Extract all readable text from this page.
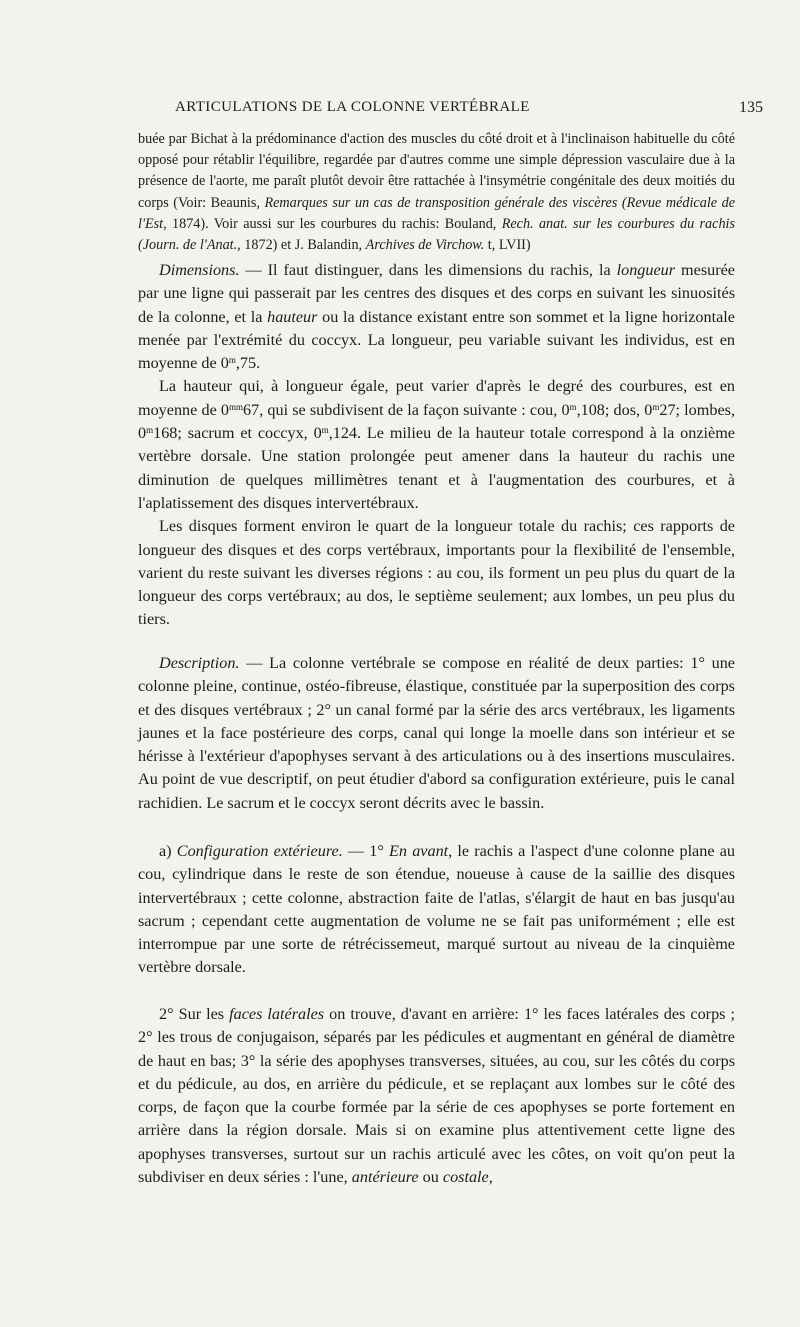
ARTICULATIONS DE LA COLONNE VERTÉBRALE	135

buée par Bichat à la prédominance d'action des muscles du côté droit et à l'inclinaison habituelle du côté opposé pour rétablir l'équilibre, regardée par d'autres comme une simple dépression vasculaire due à la présence de l'aorte, me paraît plutôt devoir être rattachée à l'insymétrie congénitale des deux moitiés du corps (Voir: Beaunis, Remarques sur un cas de transposition générale des viscères (Revue médicale de l'Est, 1874). Voir aussi sur les courbures du rachis: Bouland, Rech. anat. sur les courbures du rachis (Journ. de l'Anat., 1872) et J. Balandin, Archives de Virchow. t, LVII)

Dimensions. — Il faut distinguer, dans les dimensions du rachis, la longueur mesurée par une ligne qui passerait par les centres des disques et des corps en suivant les sinuosités de la colonne, et la hauteur ou la distance existant entre son sommet et la ligne horizontale menée par l'extrémité du coccyx. La longueur, peu variable suivant les individus, est en moyenne de 0$^m$,75.

La hauteur qui, à longueur égale, peut varier d'après le degré des courbures, est en moyenne de $0^{mm}67$, qui se subdivisent de la façon suivante : cou, 0$^m$,108; dos, 0$^m$27; lombes, 0$^m$168; sacrum et coccyx, 0$^m$,124. Le milieu de la hauteur totale correspond à la onzième vertèbre dorsale. Une station prolongée peut amener dans la hauteur du rachis une diminution de quelques millimètres tenant et à l'augmentation des courbures, et à l'aplatissement des disques intervertébraux.

Les disques forment environ le quart de la longueur totale du rachis; ces rapports de longueur des disques et des corps vertébraux, importants pour la flexibilité de l'ensemble, varient du reste suivant les diverses régions : au cou, ils forment un peu plus du quart de la longueur des corps vertébraux; au dos, le septième seulement; aux lombes, un peu plus du tiers.

Description. — La colonne vertébrale se compose en réalité de deux parties: 1° une colonne pleine, continue, ostéo-fibreuse, élastique, constituée par la superposition des corps et des disques vertébraux ; 2° un canal formé par la série des arcs vertébraux, les ligaments jaunes et la face postérieure des corps, canal qui longe la moelle dans son intérieur et se hérisse à l'extérieur d'apophyses servant à des articulations ou à des insertions musculaires. Au point de vue descriptif, on peut étudier d'abord sa configuration extérieure, puis le canal rachidien. Le sacrum et le coccyx seront décrits avec le bassin.

a) Configuration extérieure. — 1° En avant, le rachis a l'aspect d'une colonne plane au cou, cylindrique dans le reste de son étendue, noueuse à cause de la saillie des disques intervertébraux ; cette colonne, abstraction faite de l'atlas, s'élargit de haut en bas jusqu'au sacrum ; cependant cette augmentation de volume ne se fait pas uniformément ; elle est interrompue par une sorte de rétrécissemeut, marqué surtout au niveau de la cinquième vertèbre dorsale.

2° Sur les faces latérales on trouve, d'avant en arrière: 1° les faces latérales des corps ; 2° les trous de conjugaison, séparés par les pédicules et augmentant en général de diamètre de haut en bas; 3° la série des apophyses transverses, situées, au cou, sur les côtés du corps et du pédicule, au dos, en arrière du pédicule, et se replaçant aux lombes sur le côté des corps, de façon que la courbe formée par la série de ces apophyses se porte fortement en arrière dans la région dorsale. Mais si on examine plus attentivement cette ligne des apophyses transverses, surtout sur un rachis articulé avec les côtes, on voit qu'on peut la subdiviser en deux séries : l'une, antérieure ou costale,
